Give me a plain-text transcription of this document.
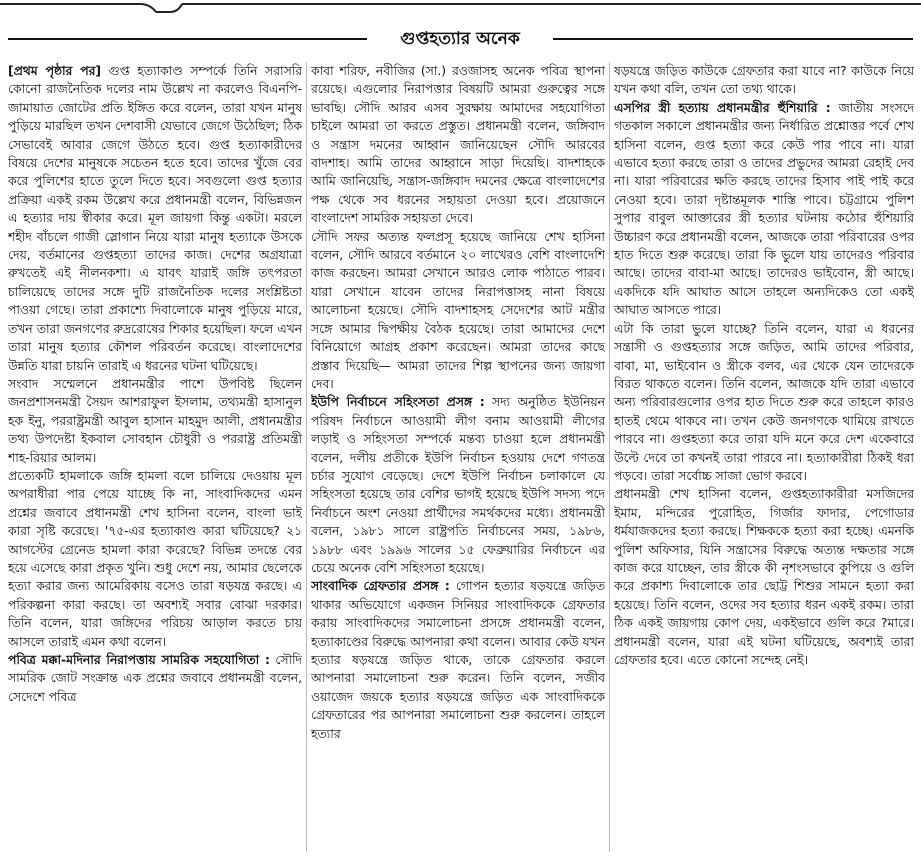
গুপ্তহত্যার অনেক

[প্রথম পৃষ্ঠার পর] গুপ্ত হত্যাকাণ্ড সম্পর্কে তিনি সরাসরি কোনো রাজনৈতিক দলের নাম উল্লেখ না করলেও বিএনপি-জামায়াত জোটের প্রতি ইঙ্গিত করে বলেন, তারা যখন মানুষ পুড়িয়ে মারছিল তখন দেশবাসী যেভাবে জেগে উঠেছিল; ঠিক সেভাবেই আবার জেগে উঠতে হবে। গুপ্ত হত্যাকারীদের বিষয়ে দেশের মানুষকে সচেতন হতে হবে। তাদের খুঁজে বের করে পুলিশের হাতে তুলে দিতে হবে। সবগুলো গুপ্ত হত্যার প্রক্রিয়া একই রকম উল্লেখ করে প্রধানমন্ত্রী বলেন, বিভিন্নজন এ হত্যার দায় স্বীকার করে। মূল জায়গা কিন্তু একটা। মরলে শহীদ বাঁচলে গাজী স্লোগান নিয়ে যারা মানুষ হত্যাকে উসকে দেয়, বর্তমানের গুপ্তহত্যা তাদের কাজ। দেশের অগ্রযাত্রা রুখতেই এই নীলনকশা। এ যাবৎ যারাই জঙ্গি তৎপরতা চালিয়েছে তাদের সঙ্গে দুটি রাজনৈতিক দলের সংশ্লিষ্টতা পাওয়া গেছে। তারা প্রকাশ্যে দিবালোকে মানুষ পুড়িয়ে মারে, তখন তারা জনগণের রুদ্ররোষের শিকার হয়েছিল। ফলে এখন তারা মানুষ হত্যার কৌশল পরিবর্তন করেছে। বাংলাদেশের উন্নতি যারা চায়নি তারাই এ ধরনের ঘটনা ঘটিয়েছে।

সংবাদ সম্মেলনে প্রধানমন্ত্রীর পাশে উপবিষ্ট ছিলেন জনপ্রশাসনমন্ত্রী সৈয়দ আশরাফুল ইসলাম, তথ্যমন্ত্রী হাসানুল হক ইনু, পররাষ্ট্রমন্ত্রী আবুল হাসান মাহমুদ আলী, প্রধানমন্ত্রীর তথ্য উপদেষ্টা ইকবাল সোবহান চৌধুরী ও পররাষ্ট্র প্রতিমন্ত্রী শাহ-রিয়ার আলম।

প্রত্যেকটি হামলাকে জঙ্গি হামলা বলে চালিয়ে দেওয়ায় মূল অপরাধীরা পার পেয়ে যাচ্ছে কি না, সাংবাদিকদের এমন প্রশ্নের জবাবে প্রধানমন্ত্রী শেখ হাসিনা বলেন, বাংলা ভাই কারা সৃষ্টি করেছে। '৭৫-এর হত্যাকাণ্ড কারা ঘটিয়েছে? ২১ আগস্টের গ্রেনেড হামলা কারা করেছে? বিভিন্ন তদন্তে বের হয়ে এসেছে কারা প্রকৃত খুনি। শুধু দেশে নয়, আমার ছেলেকে হত্যা করার জন্য আমেরিকায় বসেও তারা ষড়যন্ত্র করছে। এ পরিকল্পনা কারা করছে। তা অবশ্যই সবার বোঝা দরকার। তিনি বলেন, যারা জঙ্গিদের পরিচয় আড়াল করতে চায় আসলে তারাই এমন কথা বলেন।

পবিত্র মক্কা-মদিনার নিরাপত্তায় সামরিক সহযোগিতা : সৌদি সামরিক জোট সংক্রান্ত এক প্রশ্নের জবাবে প্রধানমন্ত্রী বলেন, সেদেশে পবিত্র

কাবা শরিফ, নবীজির (সা.) রওজাসহ অনেক পবিত্র স্থাপনা রয়েছে। এগুলোর নিরাপত্তার বিষয়টি আমরা গুরুত্বের সঙ্গে ভাবছি। সৌদি আরব এসব সুরক্ষায় আমাদের সহযোগিতা চাইলে আমরা তা করতে প্রস্তুত। প্রধানমন্ত্রী বলেন, জঙ্গিবাদ ও সন্ত্রাস দমনের আহ্বান জানিয়েছেন সৌদি আরবের বাদশাহ। আমি তাদের আহ্বানে সাড়া দিয়েছি। বাদশাহকে আমি জানিয়েছি, সন্ত্রাস-জঙ্গিবাদ দমনের ক্ষেত্রে বাংলাদেশের পক্ষ থেকে সব ধরনের সহায়তা দেওয়া হবে। প্রয়োজনে বাংলাদেশ সামরিক সহায়তা দেবে।

সৌদি সফর অত্যন্ত ফলপ্রসূ হয়েছে জানিয়ে শেখ হাসিনা বলেন, সৌদি আরবে বর্তমানে ২০ লাখেরও বেশি বাংলাদেশি কাজ করছেন। আমরা সেখানে আরও লোক পাঠাতে পারব। যারা সেখানে যাবেন তাদের নিরাপত্তাসহ নানা বিষয়ে আলোচনা হয়েছে। সৌদি বাদশাহসহ সেদেশের আট মন্ত্রীর সঙ্গে আমার দ্বিপক্ষীয় বৈঠক হয়েছে। তারা আমাদের দেশে বিনিয়োগে আগ্রহ প্রকাশ করেছেন। আমরা তাদের কাছে প্রস্তাব দিয়েছি— আমরা তাদের শিল্প স্থাপনের জন্য জায়গা দেব।

ইউপি নির্বাচনে সহিংসতা প্রসঙ্গ : সদ্য অনুষ্ঠিত ইউনিয়ন পরিষদ নির্বাচনে আওয়ামী লীগ বনাম আওয়ামী লীগের লড়াই ও সহিংসতা সম্পর্কে মন্তব্য চাওয়া হলে প্রধানমন্ত্রী বলেন, দলীয় প্রতীকে ইউপি নির্বাচন হওয়ায় দেশে গণতন্ত্র চর্চার সুযোগ বেড়েছে। দেশে ইউপি নির্বাচন চলাকালে যে সহিংসতা হয়েছে তার বেশির ভাগই হয়েছে ইউপি সদস্য পদে নির্বাচনে অংশ নেওয়া প্রার্থীদের সমর্থকদের মধ্যে। প্রধানমন্ত্রী বলেন, ১৯৮১ সালে রাষ্ট্রপতি নির্বাচনের সময়, ১৯৮৬, ১৯৮৮ এবং ১৯৯৬ সালের ১৫ ফেব্রুয়ারির নির্বাচনে এর চেয়ে অনেক বেশি সহিংসতা হয়েছে।

সাংবাদিক গ্রেফতার প্রসঙ্গ : গোপন হত্যার ষড়যন্ত্রে জড়িত থাকার অভিযোগে একজন সিনিয়র সাংবাদিককে গ্রেফতার করায় সাংবাদিকদের সমালোচনা প্রসঙ্গে প্রধানমন্ত্রী বলেন, হত্যাকাণ্ডের বিরুদ্ধে আপনারা কথা বলেন। আবার কেউ যখন হত্যার ষড়যন্ত্রে জড়িত থাকে, তাকে গ্রেফতার করলে আপনারা সমালোচনা শুরু করেন। তিনি বলেন, সজীব ওয়াজেদ জয়কে হত্যার ষড়যন্ত্রে জড়িত এক সাংবাদিককে গ্রেফতারের পর আপনারা সমালোচনা শুরু করলেন। তাহলে হত্যার

ষড়যন্ত্রে জড়িত কাউকে গ্রেফতার করা যাবে না? কাউকে নিয়ে যখন কথা বলি, তখন তো তথ্য থাকে।

এসপির স্ত্রী হত্যায় প্রধানমন্ত্রীর হুঁশিয়ারি : জাতীয় সংসদে গতকাল সকালে প্রধানমন্ত্রীর জন্য নির্ধারিত প্রশ্নোত্তর পর্বে শেখ হাসিনা বলেন, গুপ্ত হত্যা করে কেউ পার পাবে না। যারা এভাবে হত্যা করছে তারা ও তাদের প্রভুদের আমরা রেহাই দেব না। যারা পরিবারের ক্ষতি করছে তাদের হিসাব পাই পাই করে নেওয়া হবে। তারা দৃষ্টান্তমূলক শাস্তি পাবে। চট্টগ্রামে পুলিশ সুপার বাবুল আক্তারের স্ত্রী হত্যার ঘটনায় কঠোর হুঁশিয়ারি উচ্চারণ করে প্রধানমন্ত্রী বলেন, আজকে তারা পরিবারের ওপর হাত দিতে শুরু করেছে। তারা কি ভুলে যায় তাদেরও পরিবার আছে। তাদের বাবা-মা আছে। তাদেরও ভাইবোন, স্ত্রী আছে। একদিকে যদি আঘাত আসে তাহলে অন্যদিকেও তো একই আঘাত আসতে পারে।

এটা কি তারা ভুলে যাচ্ছে? তিনি বলেন, যারা এ ধরনের সন্ত্রাসী ও গুপ্তহত্যার সঙ্গে জড়িত, আমি তাদের পরিবার, বাবা, মা, ভাইবোন ও স্ত্রীকে বলব, এর থেকে যেন তাদেরকে বিরত থাকতে বলেন। তিনি বলেন, আজকে যদি তারা এভাবে অন্য পরিবারগুলোর ওপর হাত দিতে শুরু করে তাহলে কারও হাতই থেমে থাকবে না। তখন কেউ জনগণকে থামিয়ে রাখতে পারবে না। গুপ্তহত্যা করে তারা যদি মনে করে দেশ একেবারে উল্টে দেবে তা কখনই তারা পারবে না। হত্যাকারীরা ঠিকই ধরা পড়বে। তারা সর্বোচ্চ সাজা ভোগ করবে।

প্রধানমন্ত্রী শেখ হাসিনা বলেন, গুপ্তহত্যাকারীরা মসজিদের ইমাম, মন্দিরের পুরোহিত, গির্জার ফাদার, পেগোডার ধর্মযাজকদের হত্যা করছে। শিক্ষককে হত্যা করা হচ্ছে। এমনকি পুলিশ অফিসার, যিনি সন্ত্রাসের বিরুদ্ধে অত্যন্ত দক্ষতার সঙ্গে কাজ করে যাচ্ছেন, তার স্ত্রীকে কী নৃশংসভাবে কুপিয়ে ও গুলি করে প্রকাশ্য দিবালোকে তার ছোট্ট শিশুর সামনে হত্যা করা হয়েছে। তিনি বলেন, ওদের সব হত্যার ধরন একই রকম। তারা ঠিক একই জায়গায় কোপ দেয়, একইভাবে গুলি করে ?মারে। প্রধানমন্ত্রী বলেন, যারা এই ঘটনা ঘটিয়েছে, অবশ্যই তারা গ্রেফতার হবে। এতে কোনো সন্দেহ নেই।
